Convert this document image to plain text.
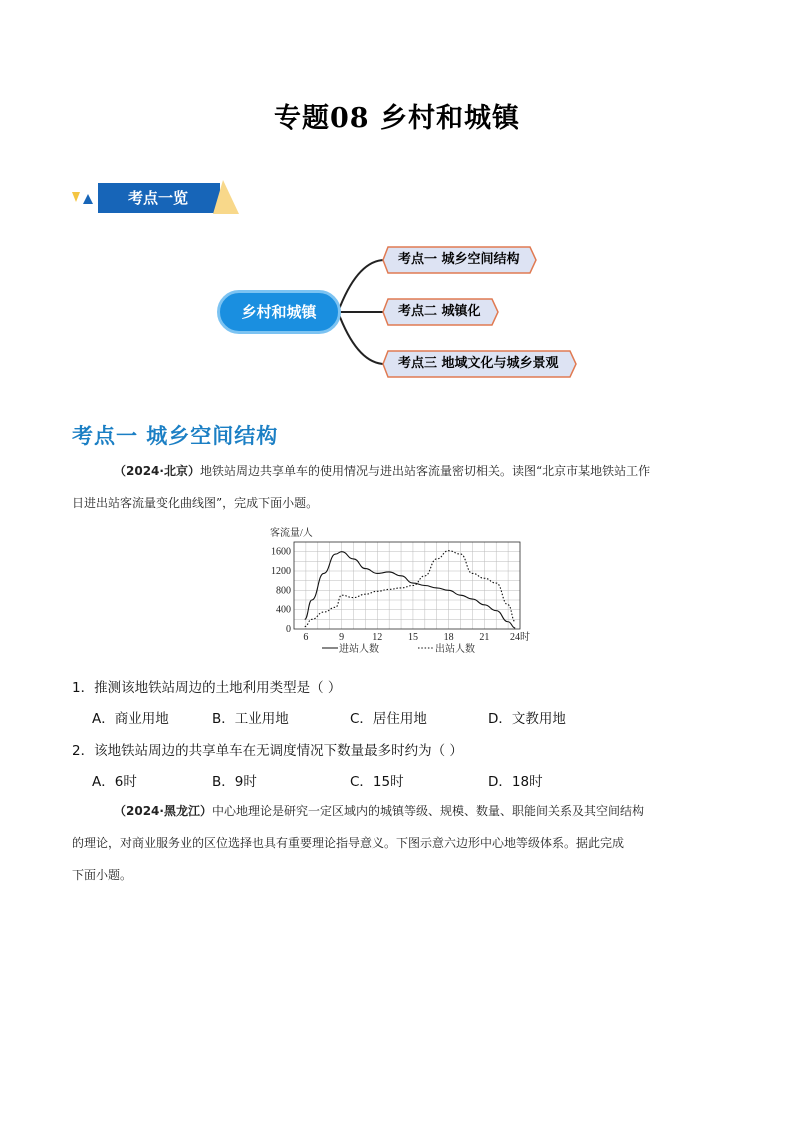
专题08 乡村和城镇
考点一览
乡村和城镇
考点一 城乡空间结构
考点二 城镇化
考点三 地域文化与城乡景观
考点一 城乡空间结构
（2024·北京）地铁站周边共享单车的使用情况与进出站客流量密切相关。读图“北京市某地铁站工作
日进出站客流量变化曲线图”，完成下面小题。
0
400
800
1200
1600
6	9	12	15	18	21 24时
客流量/人
进站人数	出站人数
1．推测该地铁站周边的土地利用类型是（ ）
A．商业用地	B．工业用地	C．居住用地	D．文教用地
2．该地铁站周边的共享单车在无调度情况下数量最多时约为（ ）
A．6时	B．9时	C．15时	D．18时
（2024·黑龙江）中心地理论是研究一定区域内的城镇等级、规模、数量、职能间关系及其空间结构
的理论，对商业服务业的区位选择也具有重要理论指导意义。下图示意六边形中心地等级体系。据此完成
下面小题。
